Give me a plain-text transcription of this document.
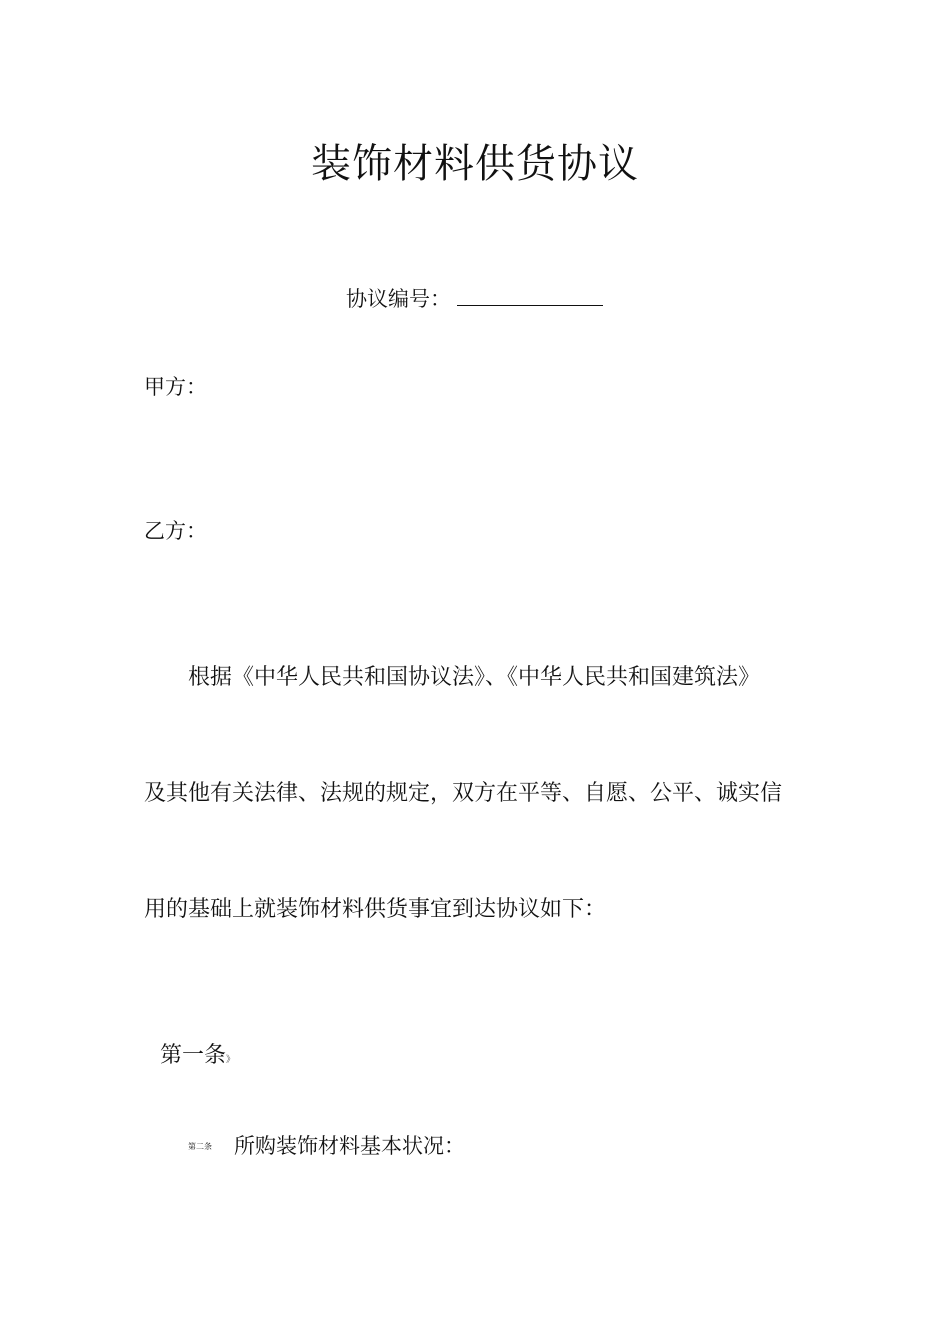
装饰材料供货协议
协议编号：
甲方：
乙方：
根据《中华人民共和国协议法》、《中华人民共和国建筑法》
及其他有关法律、法规的规定，双方在平等、自愿、公平、诚实信
用的基础上就装饰材料供货事宜到达协议如下：
第一条》
第二条 所购装饰材料基本状况：
